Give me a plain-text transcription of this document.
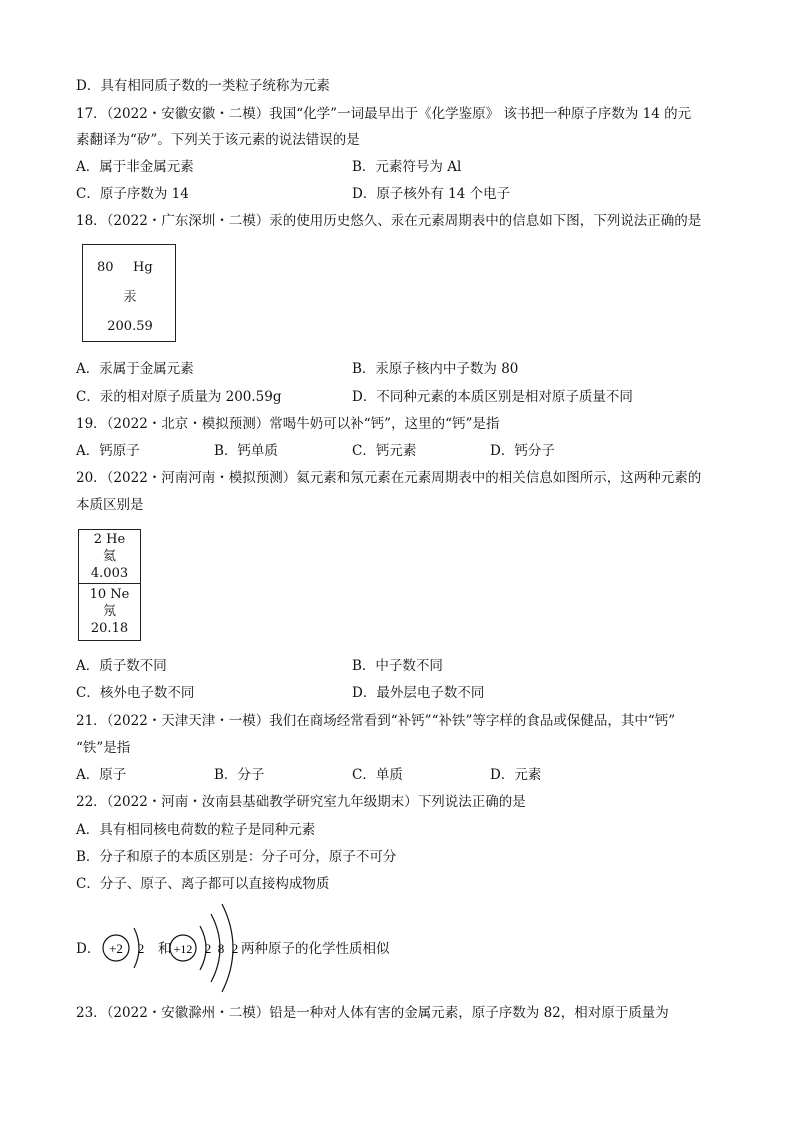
D．具有相同质子数的一类粒子统称为元素
17．（2022・安徽安徽・二模）我国“化学”一词最早出于《化学鉴原》 该书把一种原子序数为 14 的元
素翻译为“矽”。下列关于该元素的说法错误的是
A．属于非金属元素	B．元素符号为 Al
C．原子序数为 14	D．原子核外有 14 个电子
18．（2022・广东深圳・二模）汞的使用历史悠久、汞在元素周期表中的信息如下图，下列说法正确的是
80 Hg
汞
200.59
A．汞属于金属元素	B．汞原子核内中子数为 80
C．汞的相对原子质量为 200.59g	D．不同种元素的本质区别是相对原子质量不同
19．（2022・北京・模拟预测）常喝牛奶可以补“钙”，这里的“钙”是指
A．钙原子	B．钙单质	C．钙元素	D．钙分子
20．（2022・河南河南・模拟预测）氦元素和氖元素在元素周期表中的相关信息如图所示，这两种元素的
本质区别是
2 He
氦
4.003
10 Ne
氖
20.18
A．质子数不同	B．中子数不同
C．核外电子数不同	D．最外层电子数不同
21．（2022・天津天津・一模）我们在商场经常看到“补钙”“补铁”等字样的食品或保健品，其中“钙”
“铁”是指
A．原子	B．分子	C．单质	D．元素
22．（2022・河南・汝南县基础教学研究室九年级期末）下列说法正确的是
A．具有相同核电荷数的粒子是同种元素
B．分子和原子的本质区别是：分子可分，原子不可分
C．分子、原子、离子都可以直接构成物质
D． +2 2 和 +12 2 8 2 两种原子的化学性质相似
23．（2022・安徽滁州・二模）铅是一种对人体有害的金属元素，原子序数为 82，相对原于质量为
